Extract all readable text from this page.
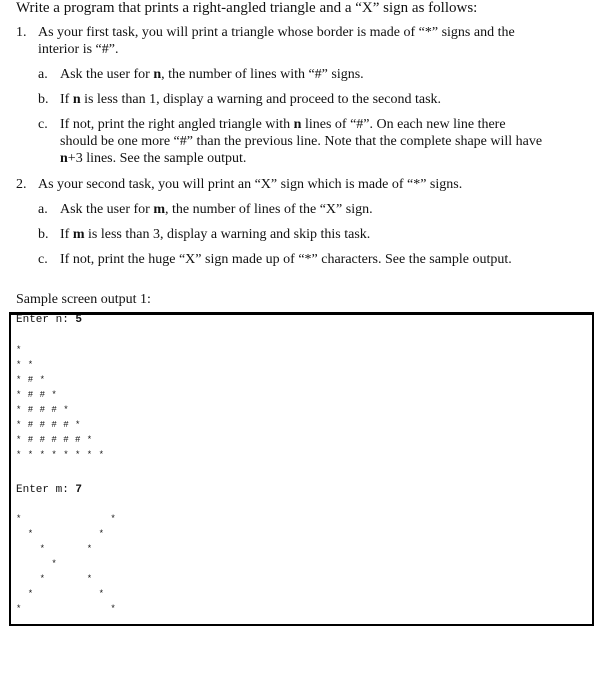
Write a program that prints a right-angled triangle and a “X” sign as follows:
1. As your first task, you will print a triangle whose border is made of “*” signs and the
interior is “#”.
a. Ask the user for n, the number of lines with “#” signs.
b. If n is less than 1, display a warning and proceed to the second task.
c. If not, print the right angled triangle with n lines of “#”. On each new line there
should be one more “#” than the previous line. Note that the complete shape will have
n+3 lines. See the sample output.
2. As your second task, you will print an “X” sign which is made of “*” signs.
a. Ask the user for m, the number of lines of the “X” sign.
b. If m is less than 3, display a warning and skip this task.
c. If not, print the huge “X” sign made up of “*” characters. See the sample output.
Sample screen output 1:
Enter n: 5
*
* *
* # *
* # # *
* # # # *
* # # # # *
* # # # # # *
* * * * * * * *
Enter m: 7
*               *
*           *
*       *
*
*       *
*           *
*               *
